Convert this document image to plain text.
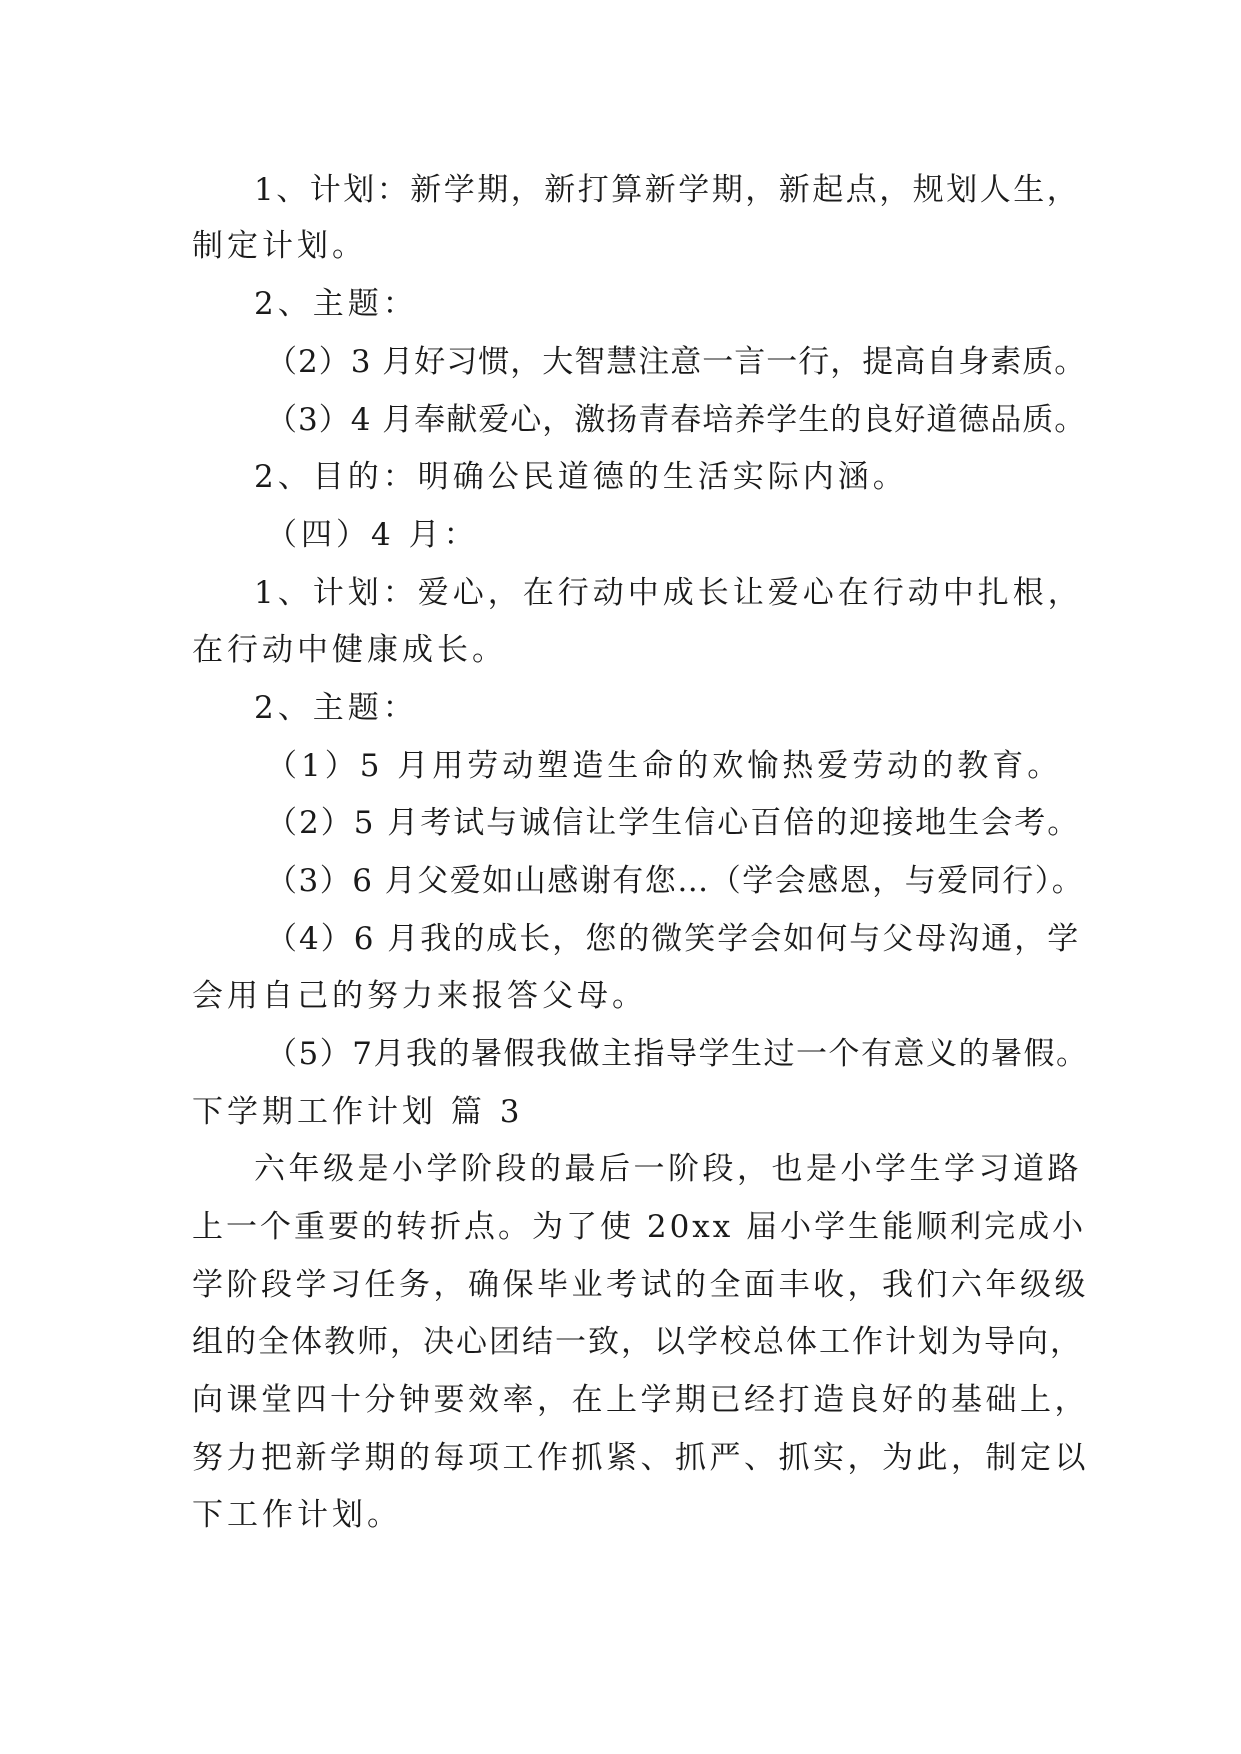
1、计划：新学期，新打算新学期，新起点，规划人生，

制定计划。

2、主题：

（2）3 月好习惯，大智慧注意一言一行，提高自身素质。

（3）4 月奉献爱心，激扬青春培养学生的良好道德品质。

2、目的：明确公民道德的生活实际内涵。

（四）4 月：

1、计划：爱心，在行动中成长让爱心在行动中扎根，

在行动中健康成长。

2、主题：

（1）5 月用劳动塑造生命的欢愉热爱劳动的教育。

（2）5 月考试与诚信让学生信心百倍的迎接地生会考。

（3）6 月父爱如山感谢有您…（学会感恩，与爱同行）。

（4）6 月我的成长，您的微笑学会如何与父母沟通，学

会用自己的努力来报答父母。

（5）7月我的暑假我做主指导学生过一个有意义的暑假。

下学期工作计划 篇 3

六年级是小学阶段的最后一阶段，也是小学生学习道路

上一个重要的转折点。为了使 20xx 届小学生能顺利完成小

学阶段学习任务，确保毕业考试的全面丰收，我们六年级级

组的全体教师，决心团结一致，以学校总体工作计划为导向，

向课堂四十分钟要效率，在上学期已经打造良好的基础上，

努力把新学期的每项工作抓紧、抓严、抓实，为此，制定以

下工作计划。
